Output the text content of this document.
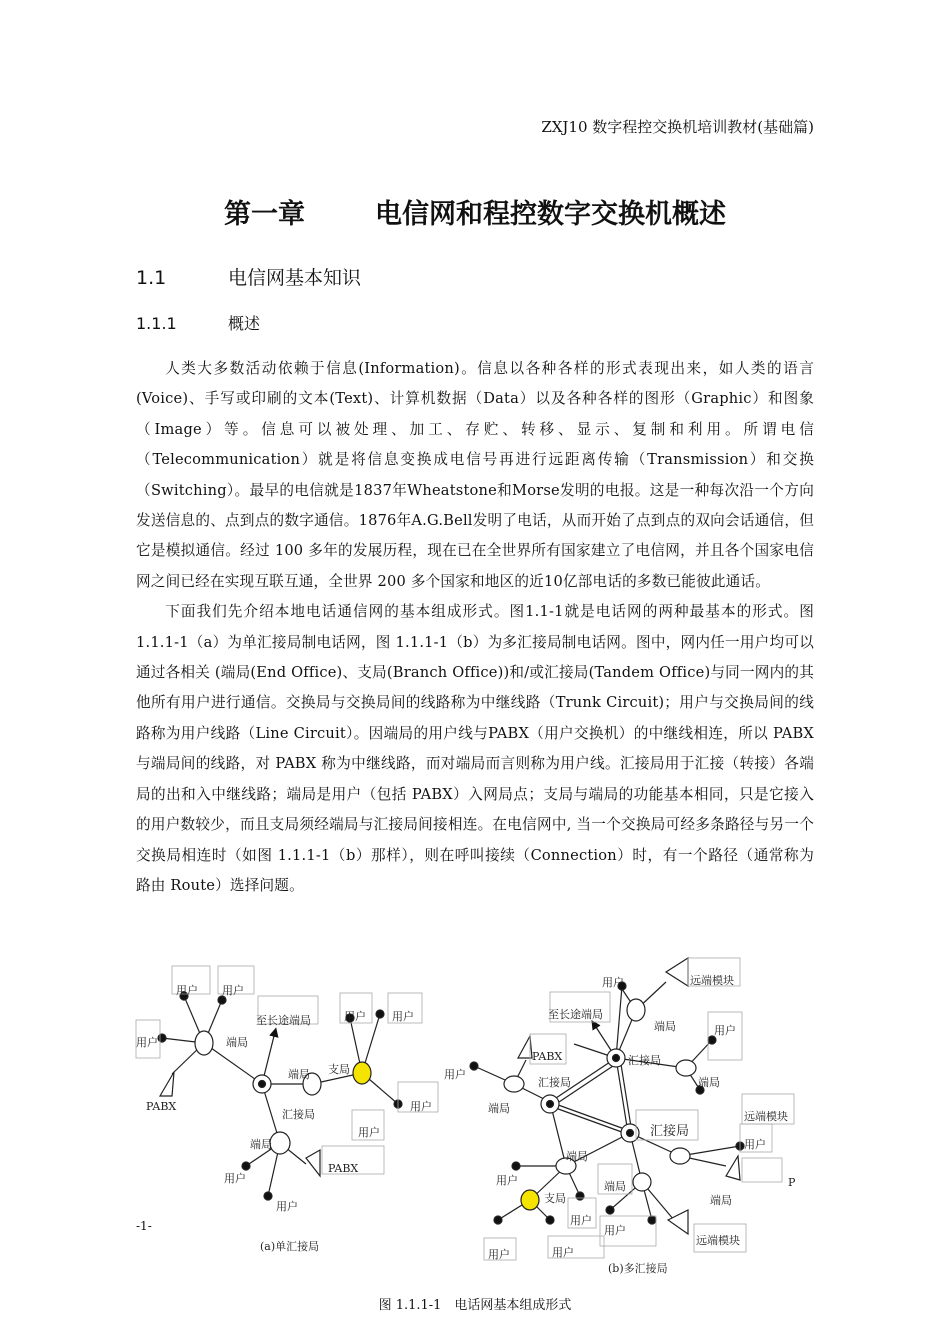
ZXJ10 数字程控交换机培训教材(基础篇)
第一章	电信网和程控数字交换机概述
1.1	电信网基本知识
1.1.1	概述

人类大多数活动依赖于信息(Information)。信息以各种各样的形式表现出来，如人类的语言(Voice)、手写或印刷的文本(Text)、计算机数据（Data）以及各种各样的图形（Graphic）和图象（Image）等。信息可以被处理、加工、存贮、转移、显示、复制和利用。所谓电信（Telecommunication）就是将信息变换成电信号再进行远距离传输（Transmission）和交换（Switching）。最早的电信就是1837年Wheatstone和Morse发明的电报。这是一种每次沿一个方向发送信息的、点到点的数字通信。1876年A.G.Bell发明了电话，从而开始了点到点的双向会话通信，但它是模拟通信。经过 100 多年的发展历程，现在已在全世界所有国家建立了电信网，并且各个国家电信网之间已经在实现互联互通，全世界 200 多个国家和地区的近10亿部电话的多数已能彼此通话。

下面我们先介绍本地电话通信网的基本组成形式。图1.1-1就是电话网的两种最基本的形式。图 1.1.1-1（a）为单汇接局制电话网，图 1.1.1-1（b）为多汇接局制电话网。图中，网内任一用户均可以通过各相关 (端局(End Office)、支局(Branch Office))和/或汇接局(Tandem Office)与同一网内的其他所有用户进行通信。交换局与交换局间的线路称为中继线路（Trunk Circuit)；用户与交换局间的线路称为用户线路（Line Circuit）。因端局的用户线与PABX（用户交换机）的中继线相连，所以 PABX 与端局间的线路，对 PABX 称为中继线路，而对端局而言则称为用户线。汇接局用于汇接（转接）各端局的出和入中继线路；端局是用户（包括 PABX）入网局点；支局与端局的功能基本相同，只是它接入的用户数较少，而且支局须经端局与汇接局间接相连。在电信网中, 当一个交换局可经多条路径与另一个交换局相连时（如图 1.1.1-1（b）那样），则在呼叫接续（Connection）时，有一个路径（通常称为路由 Route）选择问题。

用户 用户
用户	端局
至长途端局	用户 用户
支局
端局
PABX	用户
汇接局
用户
端局
PABX
用户
用户
(a)单汇接局
用户	远端模块
至长途端局
端局	用户
PABX	汇接局
用户
汇接局	端局
端局
远端模块
汇接局
用户
端局
用户	端局	P
支局	端局
用户
用户
远端模块
用户	用户
(b)多汇接局
-1-
图 1.1.1-1　电话网基本组成形式
